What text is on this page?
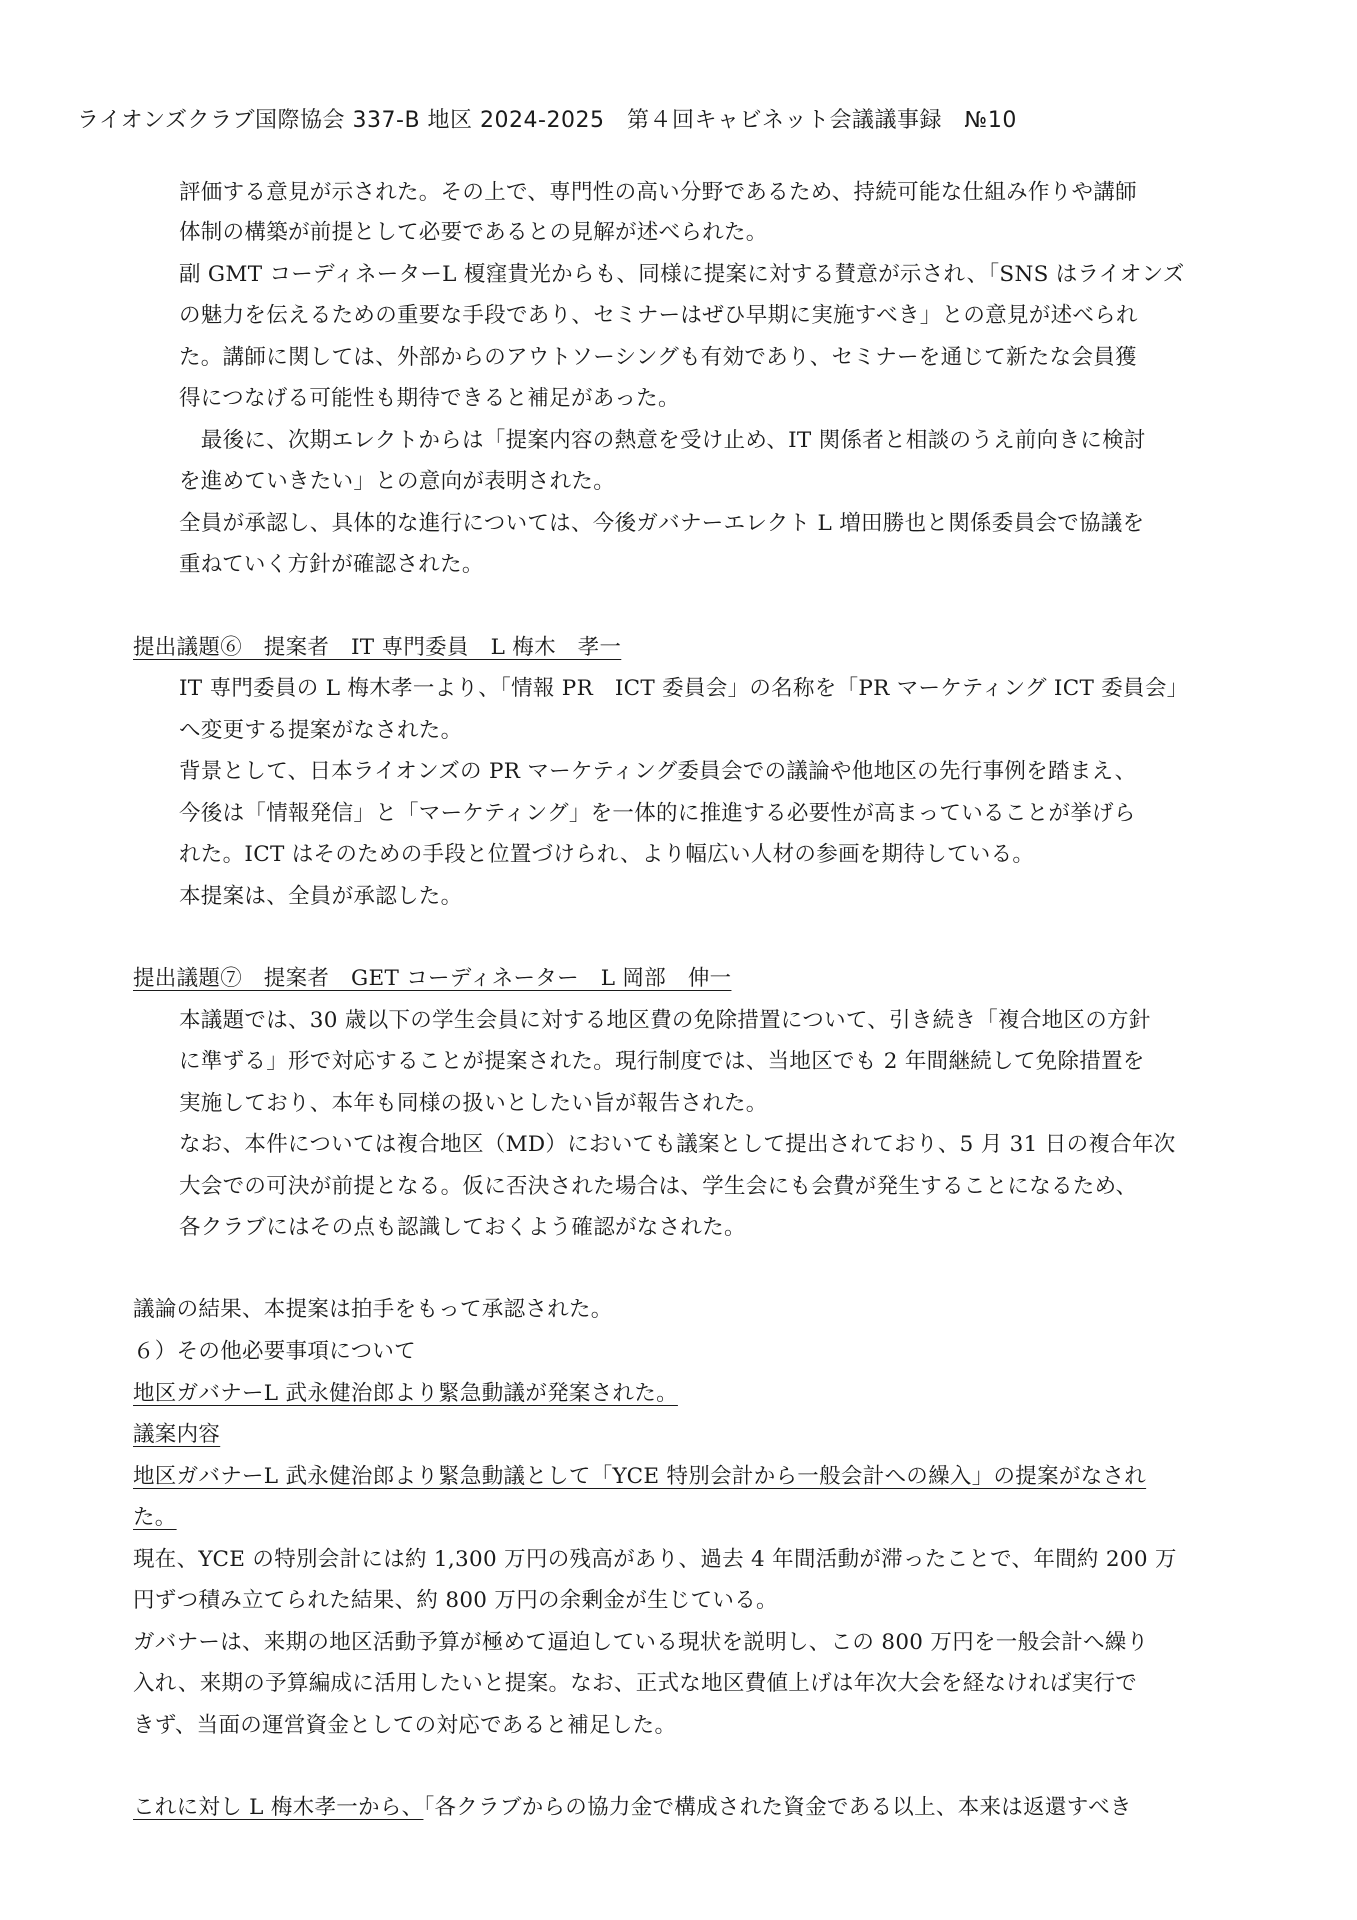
ライオンズクラブ国際協会 337-B 地区 2024-2025　第４回キャビネット会議議事録　№10
評価する意見が示された。その上で、専門性の高い分野であるため、持続可能な仕組み作りや講師
体制の構築が前提として必要であるとの見解が述べられた。
副 GMT コーディネーターL 榎窪貴光からも、同様に提案に対する賛意が示され、「SNS はライオンズ
の魅力を伝えるための重要な手段であり、セミナーはぜひ早期に実施すべき」との意見が述べられ
た。講師に関しては、外部からのアウトソーシングも有効であり、セミナーを通じて新たな会員獲
得につなげる可能性も期待できると補足があった。
　最後に、次期エレクトからは「提案内容の熱意を受け止め、IT 関係者と相談のうえ前向きに検討
を進めていきたい」との意向が表明された。
全員が承認し、具体的な進行については、今後ガバナーエレクト L 増田勝也と関係委員会で協議を
重ねていく方針が確認された。
提出議題⑥　提案者　IT 専門委員　L 梅木　孝一
IT 専門委員の L 梅木孝一より、「情報 PR　ICT 委員会」の名称を「PR マーケティング ICT 委員会」
へ変更する提案がなされた。
背景として、日本ライオンズの PR マーケティング委員会での議論や他地区の先行事例を踏まえ、
今後は「情報発信」と「マーケティング」を一体的に推進する必要性が高まっていることが挙げら
れた。ICT はそのための手段と位置づけられ、より幅広い人材の参画を期待している。
本提案は、全員が承認した。
提出議題⑦　提案者　GET コーディネーター　L 岡部　伸一
本議題では、30 歳以下の学生会員に対する地区費の免除措置について、引き続き「複合地区の方針
に準ずる」形で対応することが提案された。現行制度では、当地区でも 2 年間継続して免除措置を
実施しており、本年も同様の扱いとしたい旨が報告された。
なお、本件については複合地区（MD）においても議案として提出されており、5 月 31 日の複合年次
大会での可決が前提となる。仮に否決された場合は、学生会にも会費が発生することになるため、
各クラブにはその点も認識しておくよう確認がなされた。
議論の結果、本提案は拍手をもって承認された。
６）その他必要事項について
地区ガバナーL 武永健治郎より緊急動議が発案された。
議案内容
地区ガバナーL 武永健治郎より緊急動議として「YCE 特別会計から一般会計への繰入」の提案がなされ
た。
現在、YCE の特別会計には約 1,300 万円の残高があり、過去 4 年間活動が滞ったことで、年間約 200 万
円ずつ積み立てられた結果、約 800 万円の余剰金が生じている。
ガバナーは、来期の地区活動予算が極めて逼迫している現状を説明し、この 800 万円を一般会計へ繰り
入れ、来期の予算編成に活用したいと提案。なお、正式な地区費値上げは年次大会を経なければ実行で
きず、当面の運営資金としての対応であると補足した。
これに対し L 梅木孝一から、「各クラブからの協力金で構成された資金である以上、本来は返還すべき
